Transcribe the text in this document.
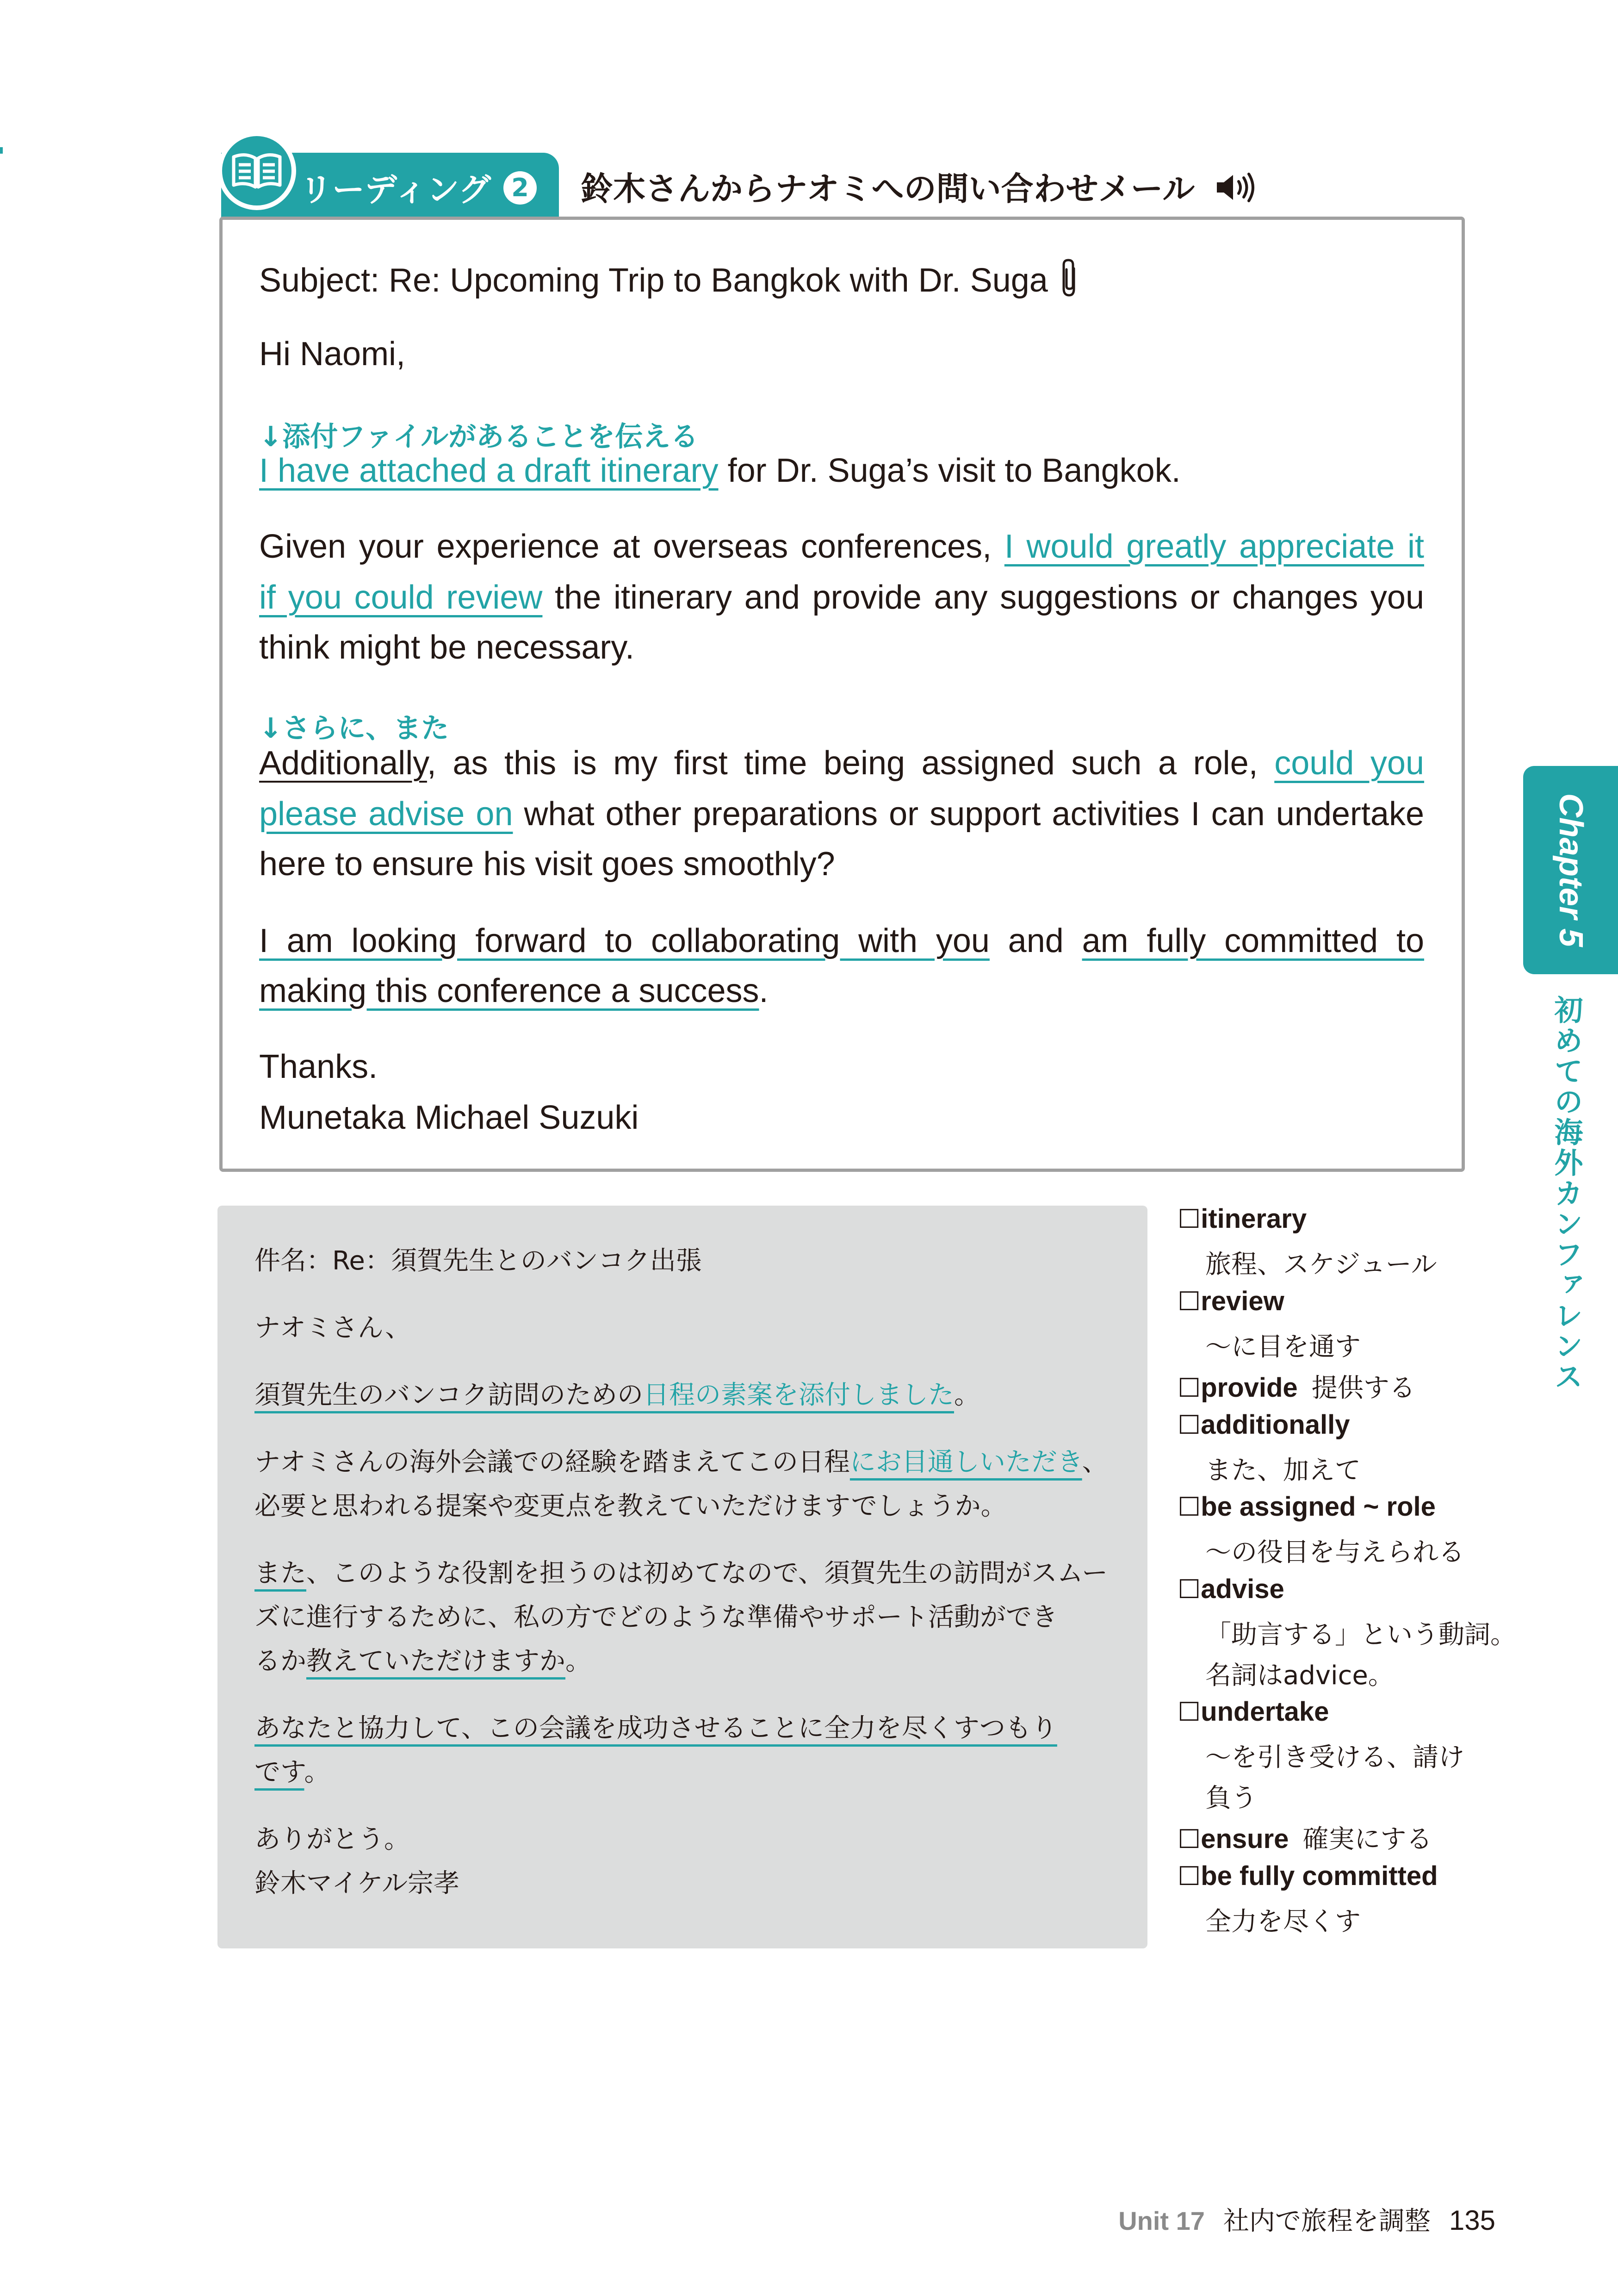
リーディング 2 鈴木さんからナオミへの問い合わせメール
Subject: Re: Upcoming Trip to Bangkok with Dr. Suga
Hi Naomi,
↓添付ファイルがあることを伝える
I have attached a draft itinerary for Dr. Suga’s visit to Bangkok.
Given your experience at overseas conferences, I would greatly appreciate it
if you could review the itinerary and provide any suggestions or changes you
think might be necessary.
↓さらに、また
Additionally, as this is my first time being assigned such a role, could you
please advise on what other preparations or support activities I can undertake
here to ensure his visit goes smoothly?
I am looking forward to collaborating with you and am fully committed to
making this conference a success.
Thanks.
Munetaka Michael Suzuki
件名：Re：須賀先生とのバンコク出張
ナオミさん、
須賀先生のバンコク訪問のための日程の素案を添付しました。
ナオミさんの海外会議での経験を踏まえてこの日程にお目通しいただき、
必要と思われる提案や変更点を教えていただけますでしょうか。
また、このような役割を担うのは初めてなので、須賀先生の訪問がスムー
ズに進行するために、私の方でどのような準備やサポート活動ができ
るか教えていただけますか。
あなたと協力して、この会議を成功させることに全力を尽くすつもり
です。
ありがとう。
鈴木マイケル宗孝
☐itinerary
旅程、スケジュール
☐review
～に目を通す
☐provide 提供する
☐additionally
また、加えて
☐be assigned ~ role
～の役目を与えられる
☐advise
「助言する」という動詞。
名詞はadvice。
☐undertake
～を引き受ける、請け
負う
☐ensure 確実にする
☐be fully committed
全力を尽くす
Chapter 5
初めての海外カンファレンス
Unit 17 社内で旅程を調整 135
